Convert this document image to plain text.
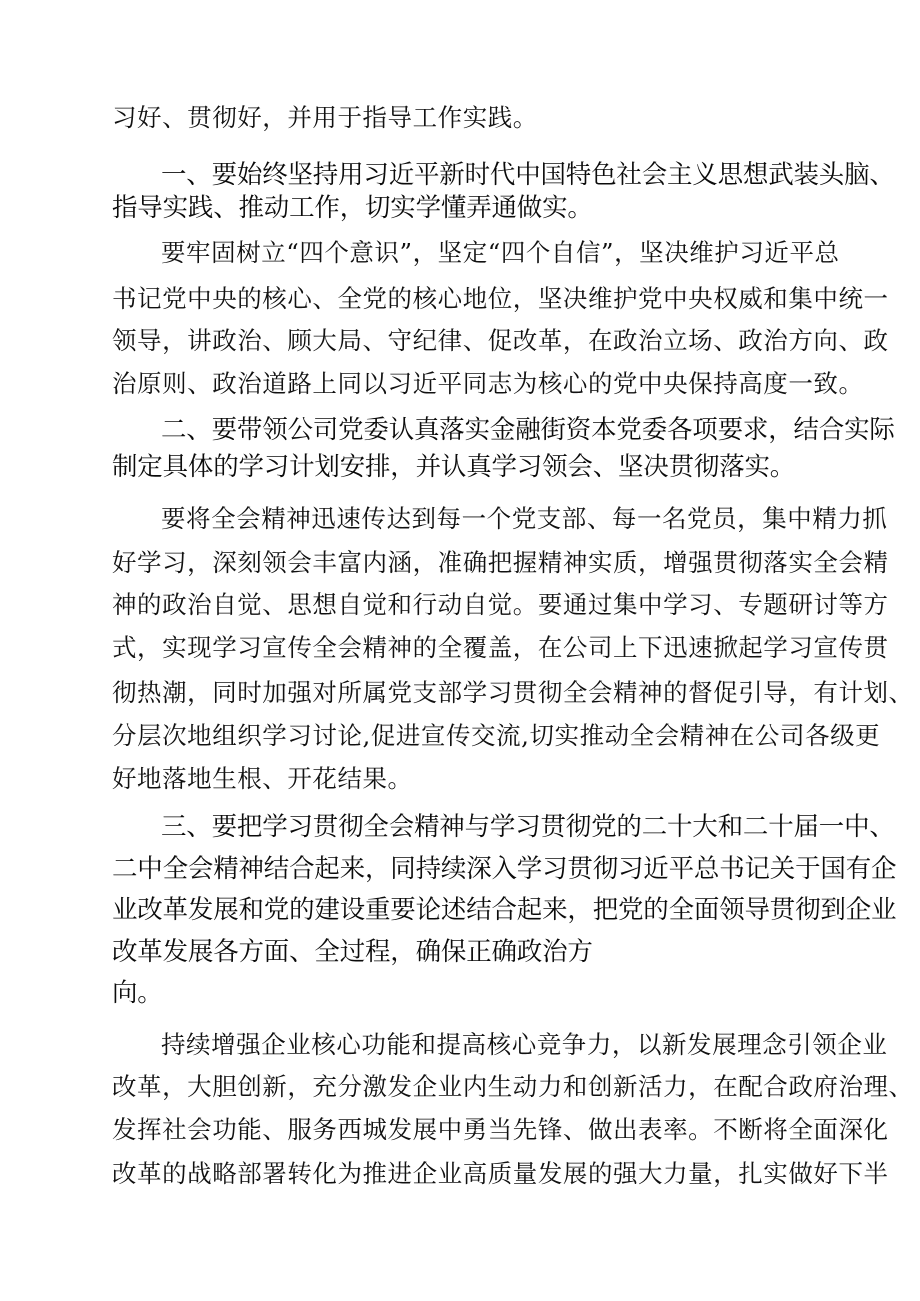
习好、贯彻好，并用于指导工作实践。

一、要始终坚持用习近平新时代中国特色社会主义思想武装头脑、

指导实践、推动工作，切实学懂弄通做实。

要牢固树立“四个意识”，坚定“四个自信”，坚决维护习近平总

书记党中央的核心、全党的核心地位，坚决维护党中央权威和集中统一

领导，讲政治、顾大局、守纪律、促改革，在政治立场、政治方向、政

治原则、政治道路上同以习近平同志为核心的党中央保持高度一致。

二、要带领公司党委认真落实金融街资本党委各项要求，结合实际

制定具体的学习计划安排，并认真学习领会、坚决贯彻落实。

要将全会精神迅速传达到每一个党支部、每一名党员，集中精力抓

好学习，深刻领会丰富内涵，准确把握精神实质，增强贯彻落实全会精

神的政治自觉、思想自觉和行动自觉。要通过集中学习、专题研讨等方

式，实现学习宣传全会精神的全覆盖，在公司上下迅速掀起学习宣传贯

彻热潮，同时加强对所属党支部学习贯彻全会精神的督促引导，有计划、

分层次地组织学习讨论,促进宣传交流,切实推动全会精神在公司各级更

好地落地生根、开花结果。

三、要把学习贯彻全会精神与学习贯彻党的二十大和二十届一中、

二中全会精神结合起来，同持续深入学习贯彻习近平总书记关于国有企

业改革发展和党的建设重要论述结合起来，把党的全面领导贯彻到企业

改革发展各方面、全过程，确保正确政治方

向。

持续增强企业核心功能和提高核心竞争力，以新发展理念引领企业

改革，大胆创新，充分激发企业内生动力和创新活力，在配合政府治理、

发挥社会功能、服务西城发展中勇当先锋、做出表率。不断将全面深化

改革的战略部署转化为推进企业高质量发展的强大力量，扎实做好下半
